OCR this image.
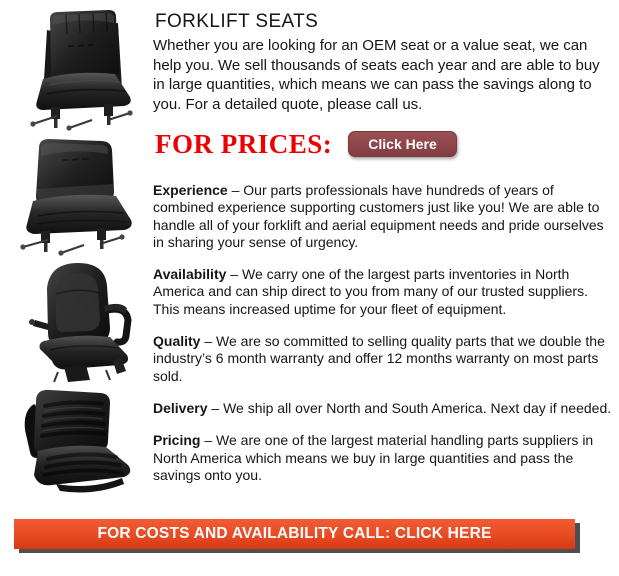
FORKLIFT SEATS

Whether you are looking for an OEM seat or a value seat, we can help you. We sell thousands of seats each year and are able to buy in large quantities, which means we can pass the savings along to you. For a detailed quote, please call us.

FOR PRICES:	Click Here

Experience – Our parts professionals have hundreds of years of combined experience supporting customers just like you! We are able to handle all of your forklift and aerial equipment needs and pride ourselves in sharing your sense of urgency.

Availability – We carry one of the largest parts inventories in North America and can ship direct to you from many of our trusted suppliers. This means increased uptime for your fleet of equipment.

Quality – We are so committed to selling quality parts that we double the industry’s 6 month warranty and offer 12 months warranty on most parts sold.

Delivery – We ship all over North and South America. Next day if needed.

Pricing – We are one of the largest material handling parts suppliers in North America which means we buy in large quantities and pass the savings onto you.

FOR COSTS AND AVAILABILITY CALL: CLICK HERE
